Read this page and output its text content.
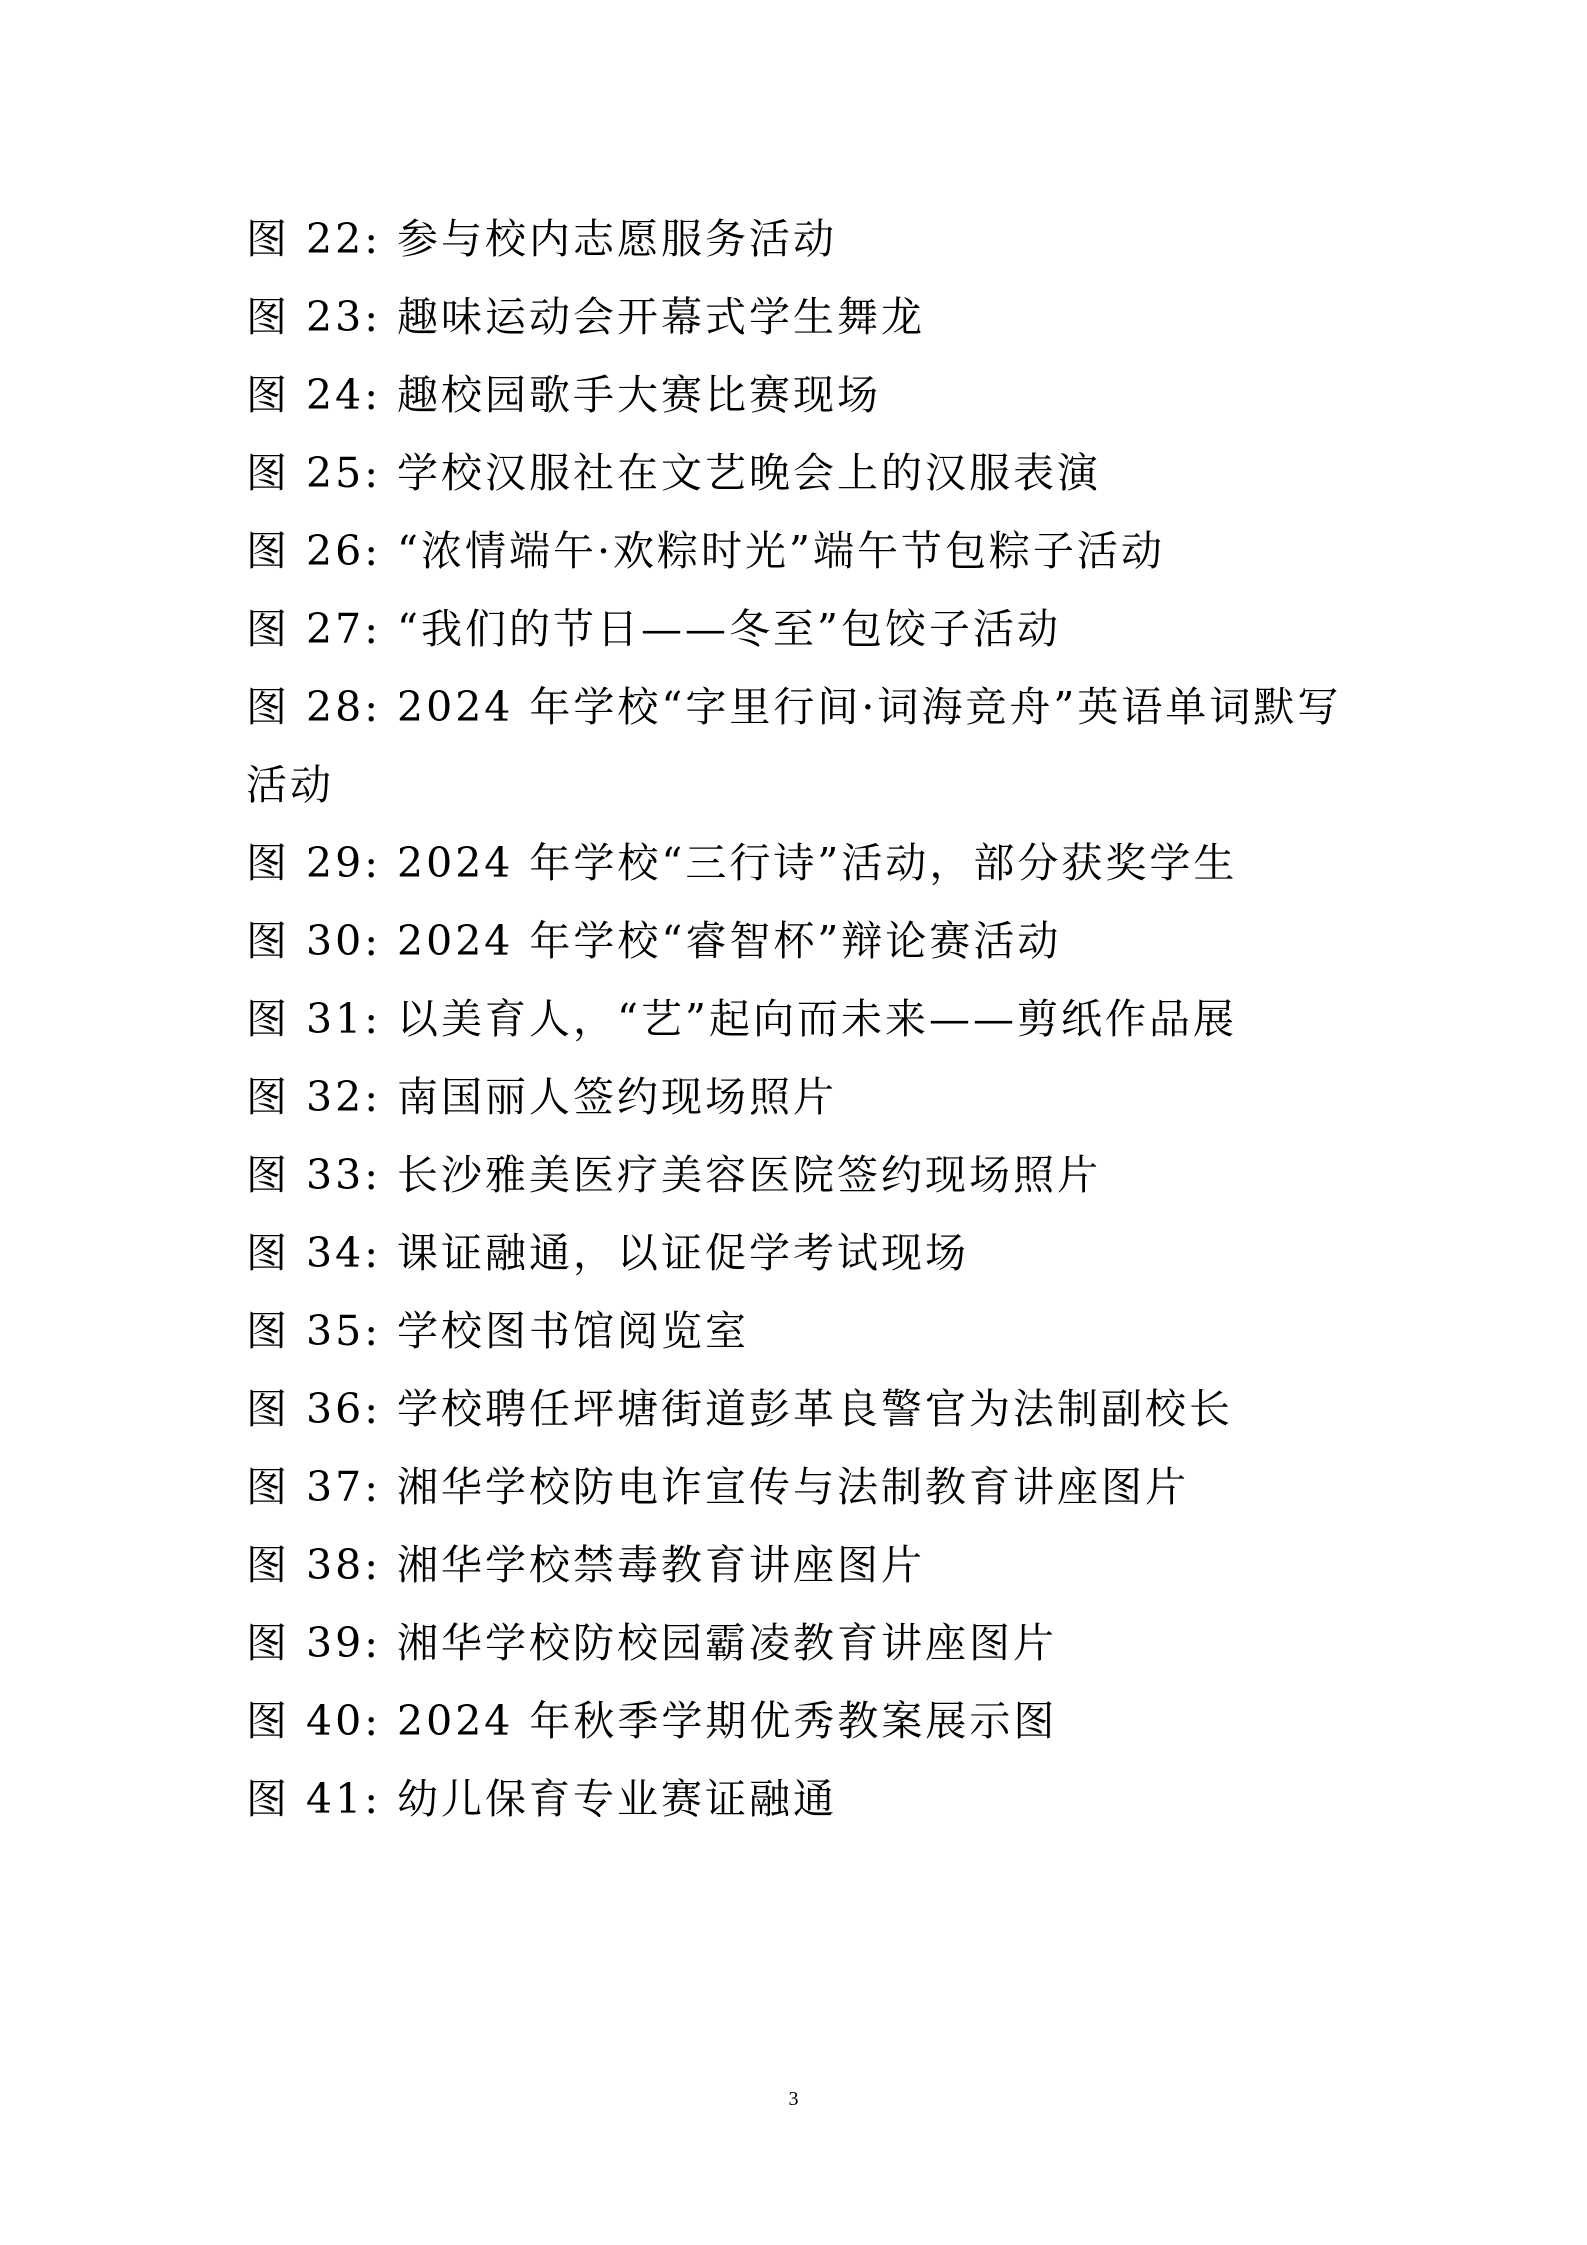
图 22: 参与校内志愿服务活动
图 23: 趣味运动会开幕式学生舞龙
图 24: 趣校园歌手大赛比赛现场
图 25: 学校汉服社在文艺晚会上的汉服表演
图 26: “浓情端午·欢粽时光”端午节包粽子活动
图 27: “我们的节日——冬至”包饺子活动
图 28: 2024 年学校“字里行间·词海竞舟”英语单词默写
活动
图 29: 2024 年学校“三行诗”活动，部分获奖学生
图 30: 2024 年学校“睿智杯”辩论赛活动
图 31: 以美育人，“艺”起向而未来——剪纸作品展
图 32: 南国丽人签约现场照片
图 33: 长沙雅美医疗美容医院签约现场照片
图 34: 课证融通，以证促学考试现场
图 35: 学校图书馆阅览室
图 36: 学校聘任坪塘街道彭革良警官为法制副校长
图 37: 湘华学校防电诈宣传与法制教育讲座图片
图 38: 湘华学校禁毒教育讲座图片
图 39: 湘华学校防校园霸凌教育讲座图片
图 40: 2024 年秋季学期优秀教案展示图
图 41: 幼儿保育专业赛证融通
3
